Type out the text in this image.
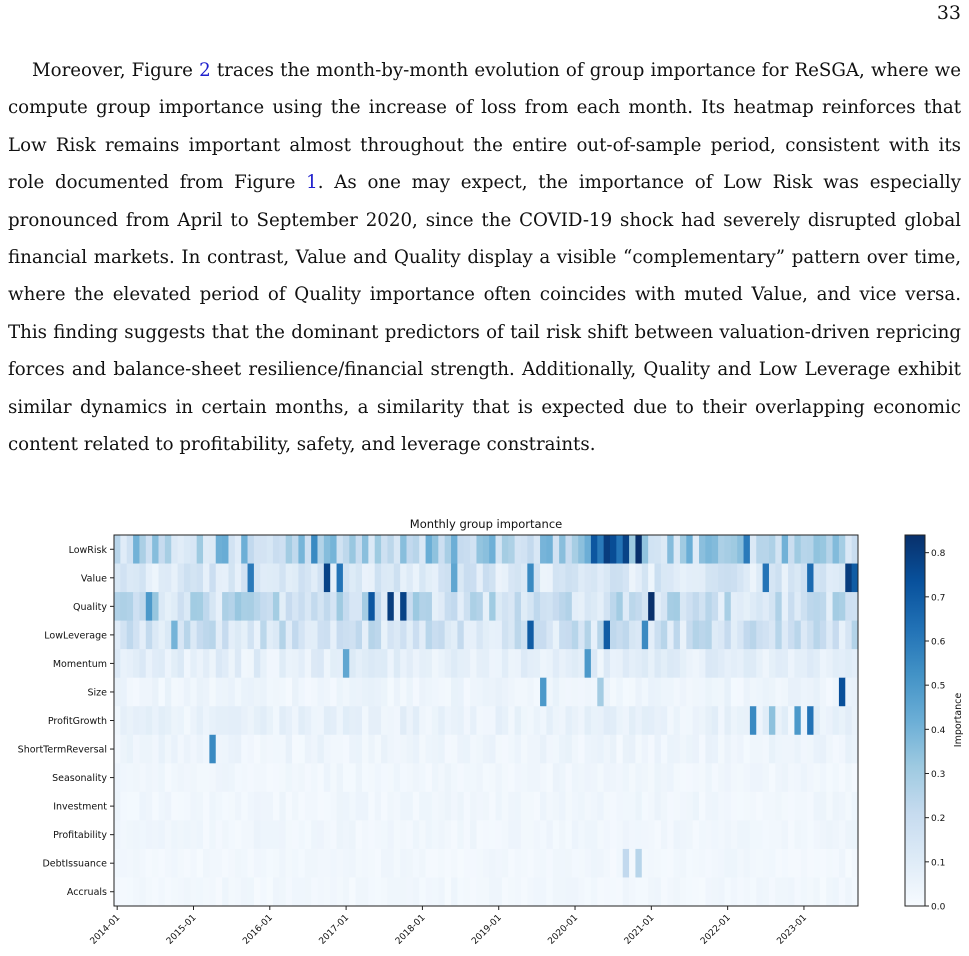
33

Moreover, Figure 2 traces the month-by-month evolution of group importance for ReSGA, where we compute group importance using the increase of loss from each month. Its heatmap reinforces that Low Risk remains important almost throughout the entire out-of-sample period, consistent with its role documented from Figure 1. As one may expect, the importance of Low Risk was especially pronounced from April to September 2020, since the COVID-19 shock had severely disrupted global financial markets. In contrast, Value and Quality display a visible “complementary” pattern over time, where the elevated period of Quality importance often coincides with muted Value, and vice versa. This finding suggests that the dominant predictors of tail risk shift between valuation-driven repricing forces and balance-sheet resilience/financial strength. Additionally, Quality and Low Leverage exhibit similar dynamics in certain months, a similarity that is expected due to their overlapping economic content related to profitability, safety, and leverage constraints.

Monthly group importance
LowRisk
Value
Quality
LowLeverage
Momentum
Size
ProfitGrowth
ShortTermReversal
Seasonality
Investment
Profitability
DebtIssuance
Accruals
2014-01	2015-01	2016-01	2017-01	2018-01	2019-01	2020-01	2021-01	2022-01	2023-01
0.0
0.1
0.2
0.3
0.4
0.5
0.6
0.7
0.8
Importance
